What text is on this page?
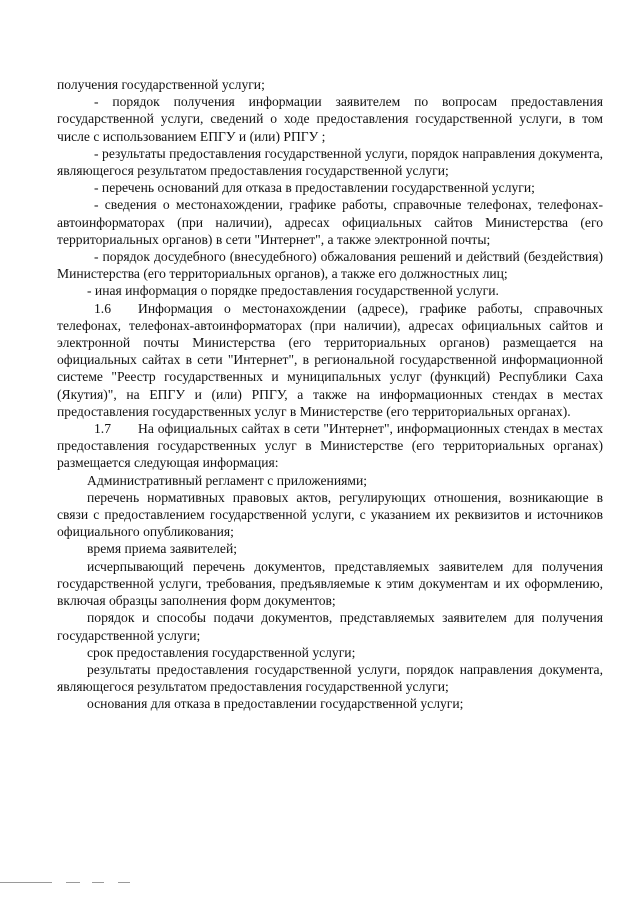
получения государственной услуги;

- порядок получения информации заявителем по вопросам предоставления государственной услуги, сведений о ходе предоставления государственной услуги, в том числе с использованием ЕПГУ и (или) РПГУ ;

- результаты предоставления государственной услуги, порядок направления документа, являющегося результатом предоставления государственной услуги;

- перечень оснований для отказа в предоставлении государственной услуги;

- сведения о местонахождении, графике работы, справочные телефонах, телефонах-автоинформаторах (при наличии), адресах официальных сайтов Министерства (его территориальных органов) в сети "Интернет", а также электронной почты;

- порядок досудебного (внесудебного) обжалования решений и действий (бездействия) Министерства (его территориальных органов), а также его должностных лиц;

- иная информация о порядке предоставления государственной услуги.

1.6 Информация о местонахождении (адресе), графике работы, справочных телефонах, телефонах-автоинформаторах (при наличии), адресах официальных сайтов и электронной почты Министерства (его территориальных органов) размещается на официальных сайтах в сети "Интернет", в региональной государственной информационной системе "Реестр государственных и муниципальных услуг (функций) Республики Саха (Якутия)", на ЕПГУ и (или) РПГУ, а также на информационных стендах в местах предоставления государственных услуг в Министерстве (его территориальных органах).

1.7 На официальных сайтах в сети "Интернет", информационных стендах в местах предоставления государственных услуг в Министерстве (его территориальных органах) размещается следующая информация:

Административный регламент с приложениями;

перечень нормативных правовых актов, регулирующих отношения, возникающие в связи с предоставлением государственной услуги, с указанием их реквизитов и источников официального опубликования;

время приема заявителей;

исчерпывающий перечень документов, представляемых заявителем для получения государственной услуги, требования, предъявляемые к этим документам и их оформлению, включая образцы заполнения форм документов;

порядок и способы подачи документов, представляемых заявителем для получения государственной услуги;

срок предоставления государственной услуги;

результаты предоставления государственной услуги, порядок направления документа, являющегося результатом предоставления государственной услуги;

основания для отказа в предоставлении государственной услуги;
